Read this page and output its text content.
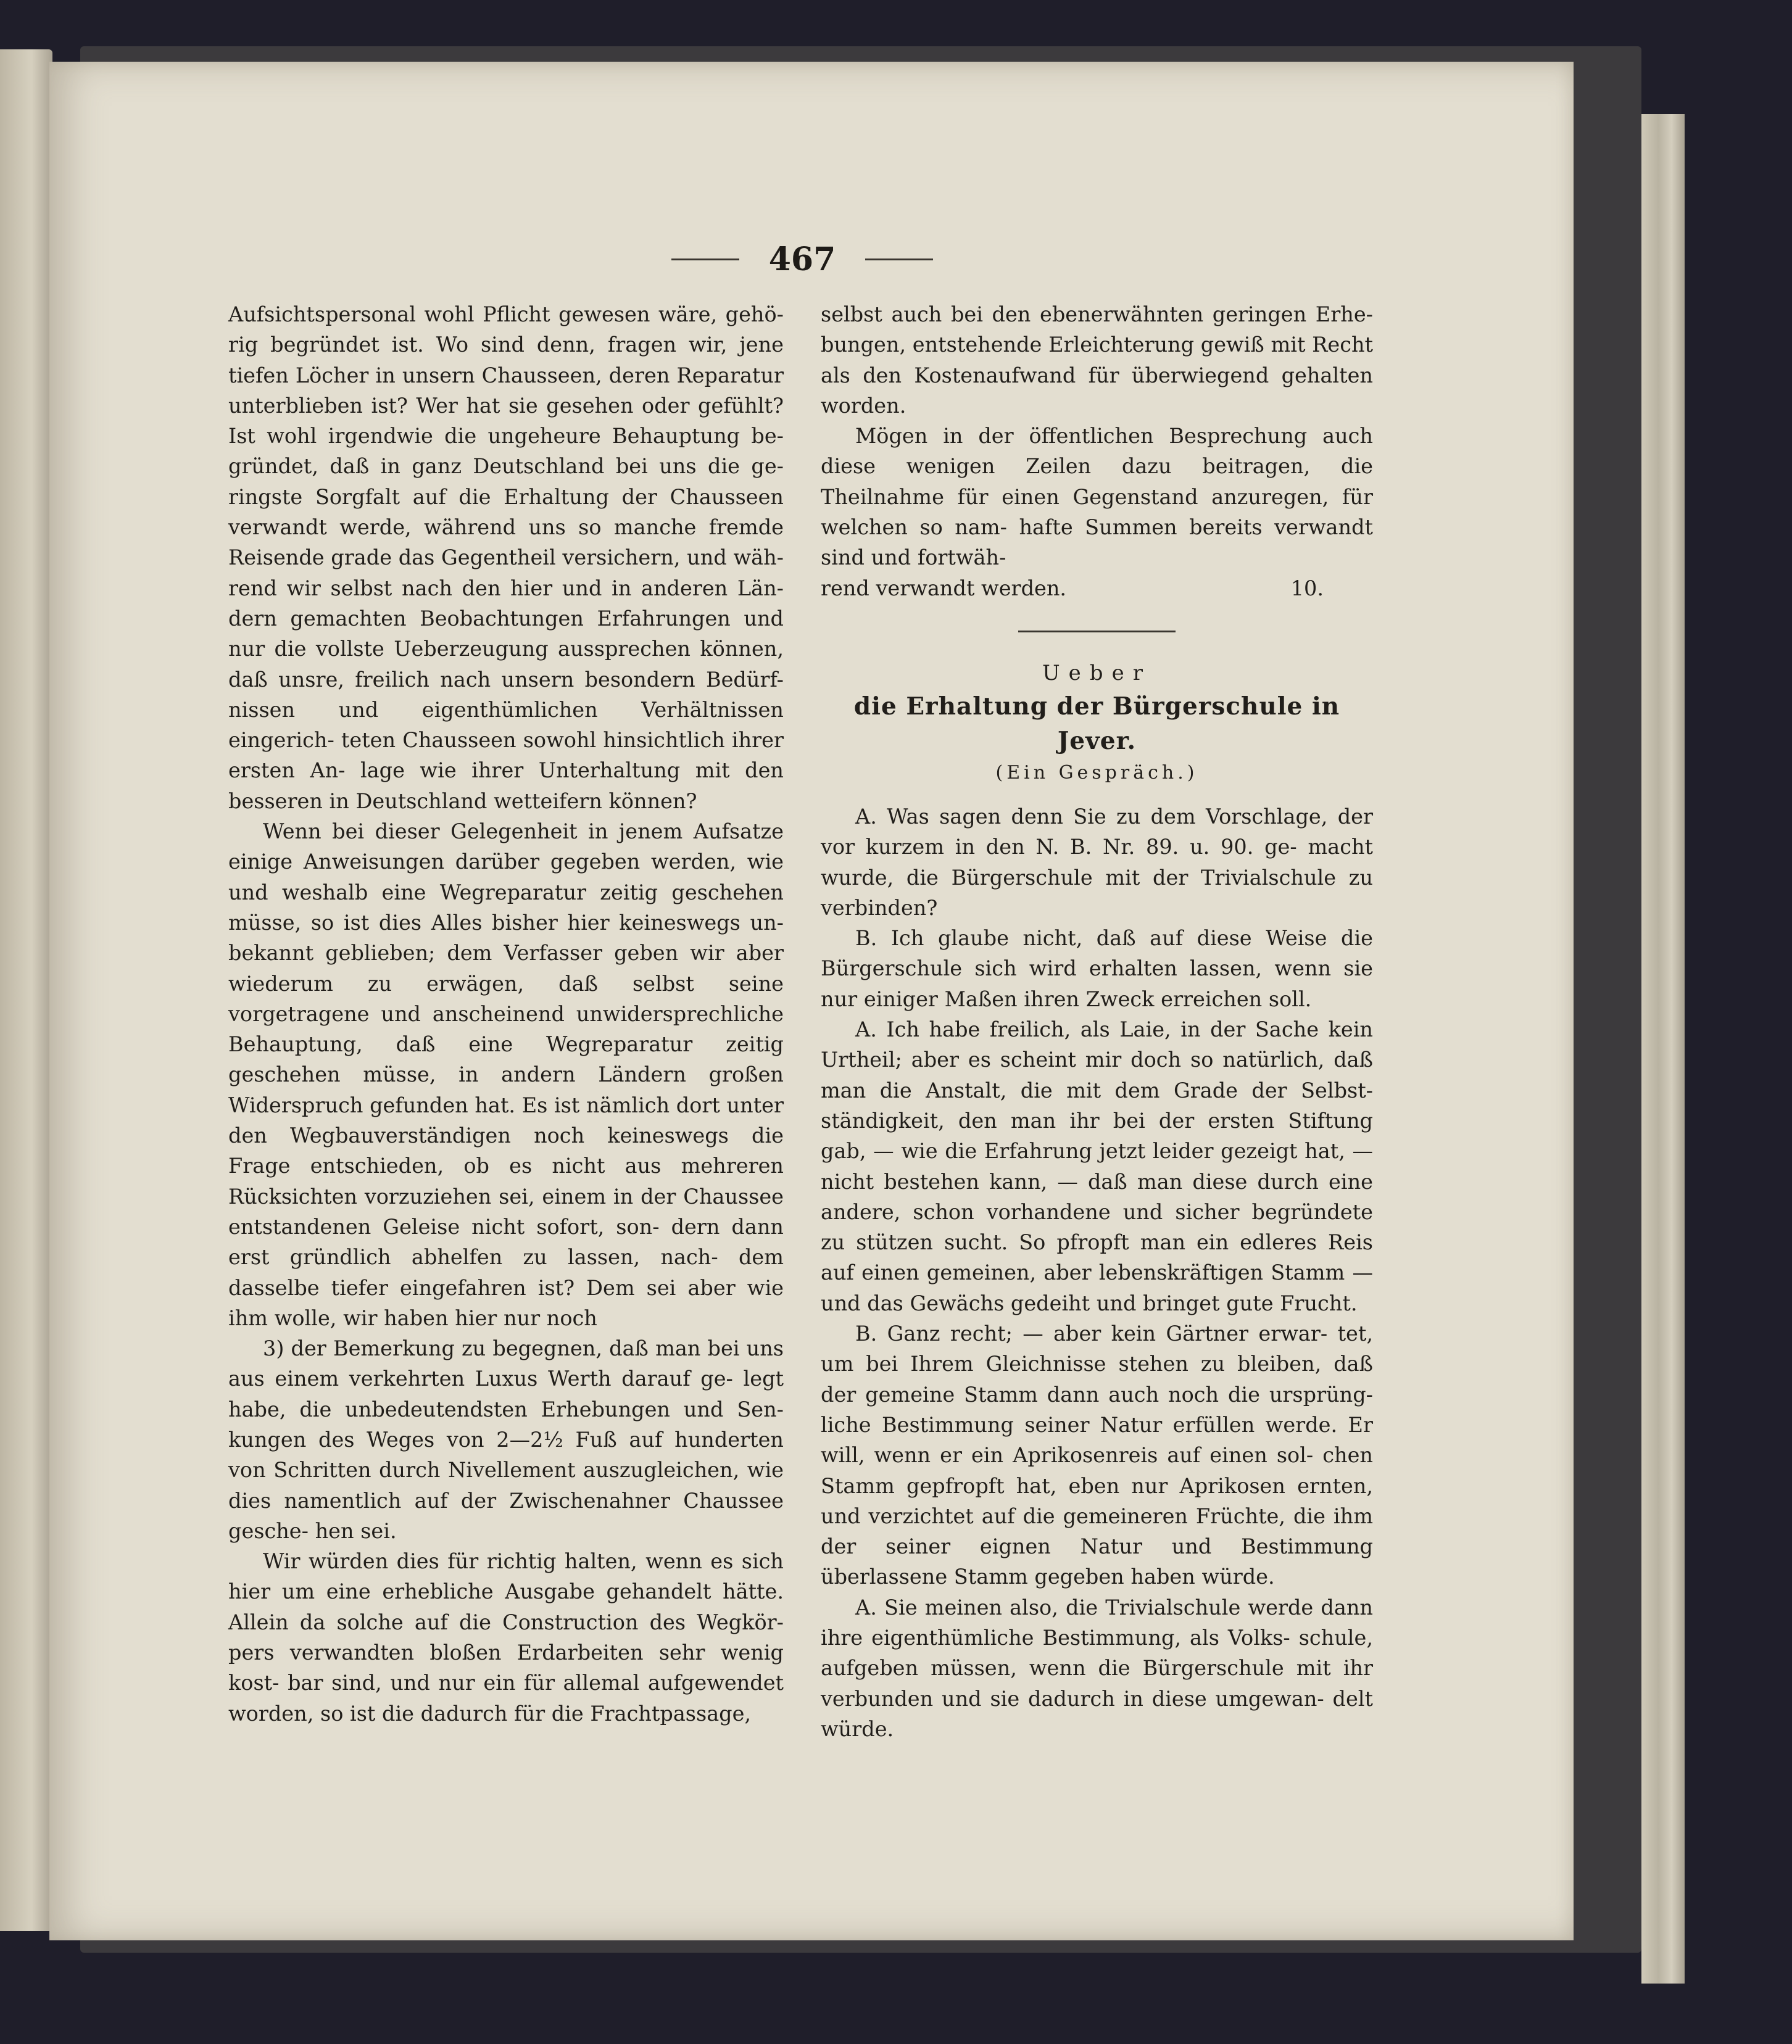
467

Aufsichtspersonal wohl Pflicht gewesen wäre, gehö- rig begründet ist. Wo sind denn, fragen wir, jene tiefen Löcher in unsern Chausseen, deren Reparatur unterblieben ist? Wer hat sie gesehen oder gefühlt? Ist wohl irgendwie die ungeheure Behauptung be- gründet, daß in ganz Deutschland bei uns die ge- ringste Sorgfalt auf die Erhaltung der Chausseen verwandt werde, während uns so manche fremde Reisende grade das Gegentheil versichern, und wäh- rend wir selbst nach den hier und in anderen Län- dern gemachten Beobachtungen Erfahrungen und nur die vollste Ueberzeugung aussprechen können, daß unsre, freilich nach unsern besondern Bedürf- nissen und eigenthümlichen Verhältnissen eingerich- teten Chausseen sowohl hinsichtlich ihrer ersten An- lage wie ihrer Unterhaltung mit den besseren in Deutschland wetteifern können?

Wenn bei dieser Gelegenheit in jenem Aufsatze einige Anweisungen darüber gegeben werden, wie und weshalb eine Wegreparatur zeitig geschehen müsse, so ist dies Alles bisher hier keineswegs un- bekannt geblieben; dem Verfasser geben wir aber wiederum zu erwägen, daß selbst seine vorgetragene und anscheinend unwidersprechliche Behauptung, daß eine Wegreparatur zeitig geschehen müsse, in andern Ländern großen Widerspruch gefunden hat. Es ist nämlich dort unter den Wegbauverständigen noch keineswegs die Frage entschieden, ob es nicht aus mehreren Rücksichten vorzuziehen sei, einem in der Chaussee entstandenen Geleise nicht sofort, son- dern dann erst gründlich abhelfen zu lassen, nach- dem dasselbe tiefer eingefahren ist? Dem sei aber wie ihm wolle, wir haben hier nur noch

3) der Bemerkung zu begegnen, daß man bei uns aus einem verkehrten Luxus Werth darauf ge- legt habe, die unbedeutendsten Erhebungen und Sen- kungen des Weges von 2—2½ Fuß auf hunderten von Schritten durch Nivellement auszugleichen, wie dies namentlich auf der Zwischenahner Chaussee gesche- hen sei.

Wir würden dies für richtig halten, wenn es sich hier um eine erhebliche Ausgabe gehandelt hätte. Allein da solche auf die Construction des Wegkör- pers verwandten bloßen Erdarbeiten sehr wenig kost- bar sind, und nur ein für allemal aufgewendet worden, so ist die dadurch für die Frachtpassage,

selbst auch bei den ebenerwähnten geringen Erhe- bungen, entstehende Erleichterung gewiß mit Recht als den Kostenaufwand für überwiegend gehalten worden.

Mögen in der öffentlichen Besprechung auch diese wenigen Zeilen dazu beitragen, die Theilnahme für einen Gegenstand anzuregen, für welchen so nam- hafte Summen bereits verwandt sind und fortwäh-

rend verwandt werden.	10.
Ueber
die Erhaltung der Bürgerschule in Jever.
(Ein Gespräch.)

A. Was sagen denn Sie zu dem Vorschlage, der vor kurzem in den N. B. Nr. 89. u. 90. ge- macht wurde, die Bürgerschule mit der Trivialschule zu verbinden?

B. Ich glaube nicht, daß auf diese Weise die Bürgerschule sich wird erhalten lassen, wenn sie nur einiger Maßen ihren Zweck erreichen soll.

A. Ich habe freilich, als Laie, in der Sache kein Urtheil; aber es scheint mir doch so natürlich, daß man die Anstalt, die mit dem Grade der Selbst- ständigkeit, den man ihr bei der ersten Stiftung gab, — wie die Erfahrung jetzt leider gezeigt hat, — nicht bestehen kann, — daß man diese durch eine andere, schon vorhandene und sicher begründete zu stützen sucht. So pfropft man ein edleres Reis auf einen gemeinen, aber lebenskräftigen Stamm — und das Gewächs gedeiht und bringet gute Frucht.

B. Ganz recht; — aber kein Gärtner erwar- tet, um bei Ihrem Gleichnisse stehen zu bleiben, daß der gemeine Stamm dann auch noch die ursprüng- liche Bestimmung seiner Natur erfüllen werde. Er will, wenn er ein Aprikosenreis auf einen sol- chen Stamm gepfropft hat, eben nur Aprikosen ernten, und verzichtet auf die gemeineren Früchte, die ihm der seiner eignen Natur und Bestimmung überlassene Stamm gegeben haben würde.

A. Sie meinen also, die Trivialschule werde dann ihre eigenthümliche Bestimmung, als Volks- schule, aufgeben müssen, wenn die Bürgerschule mit ihr verbunden und sie dadurch in diese umgewan- delt würde.
